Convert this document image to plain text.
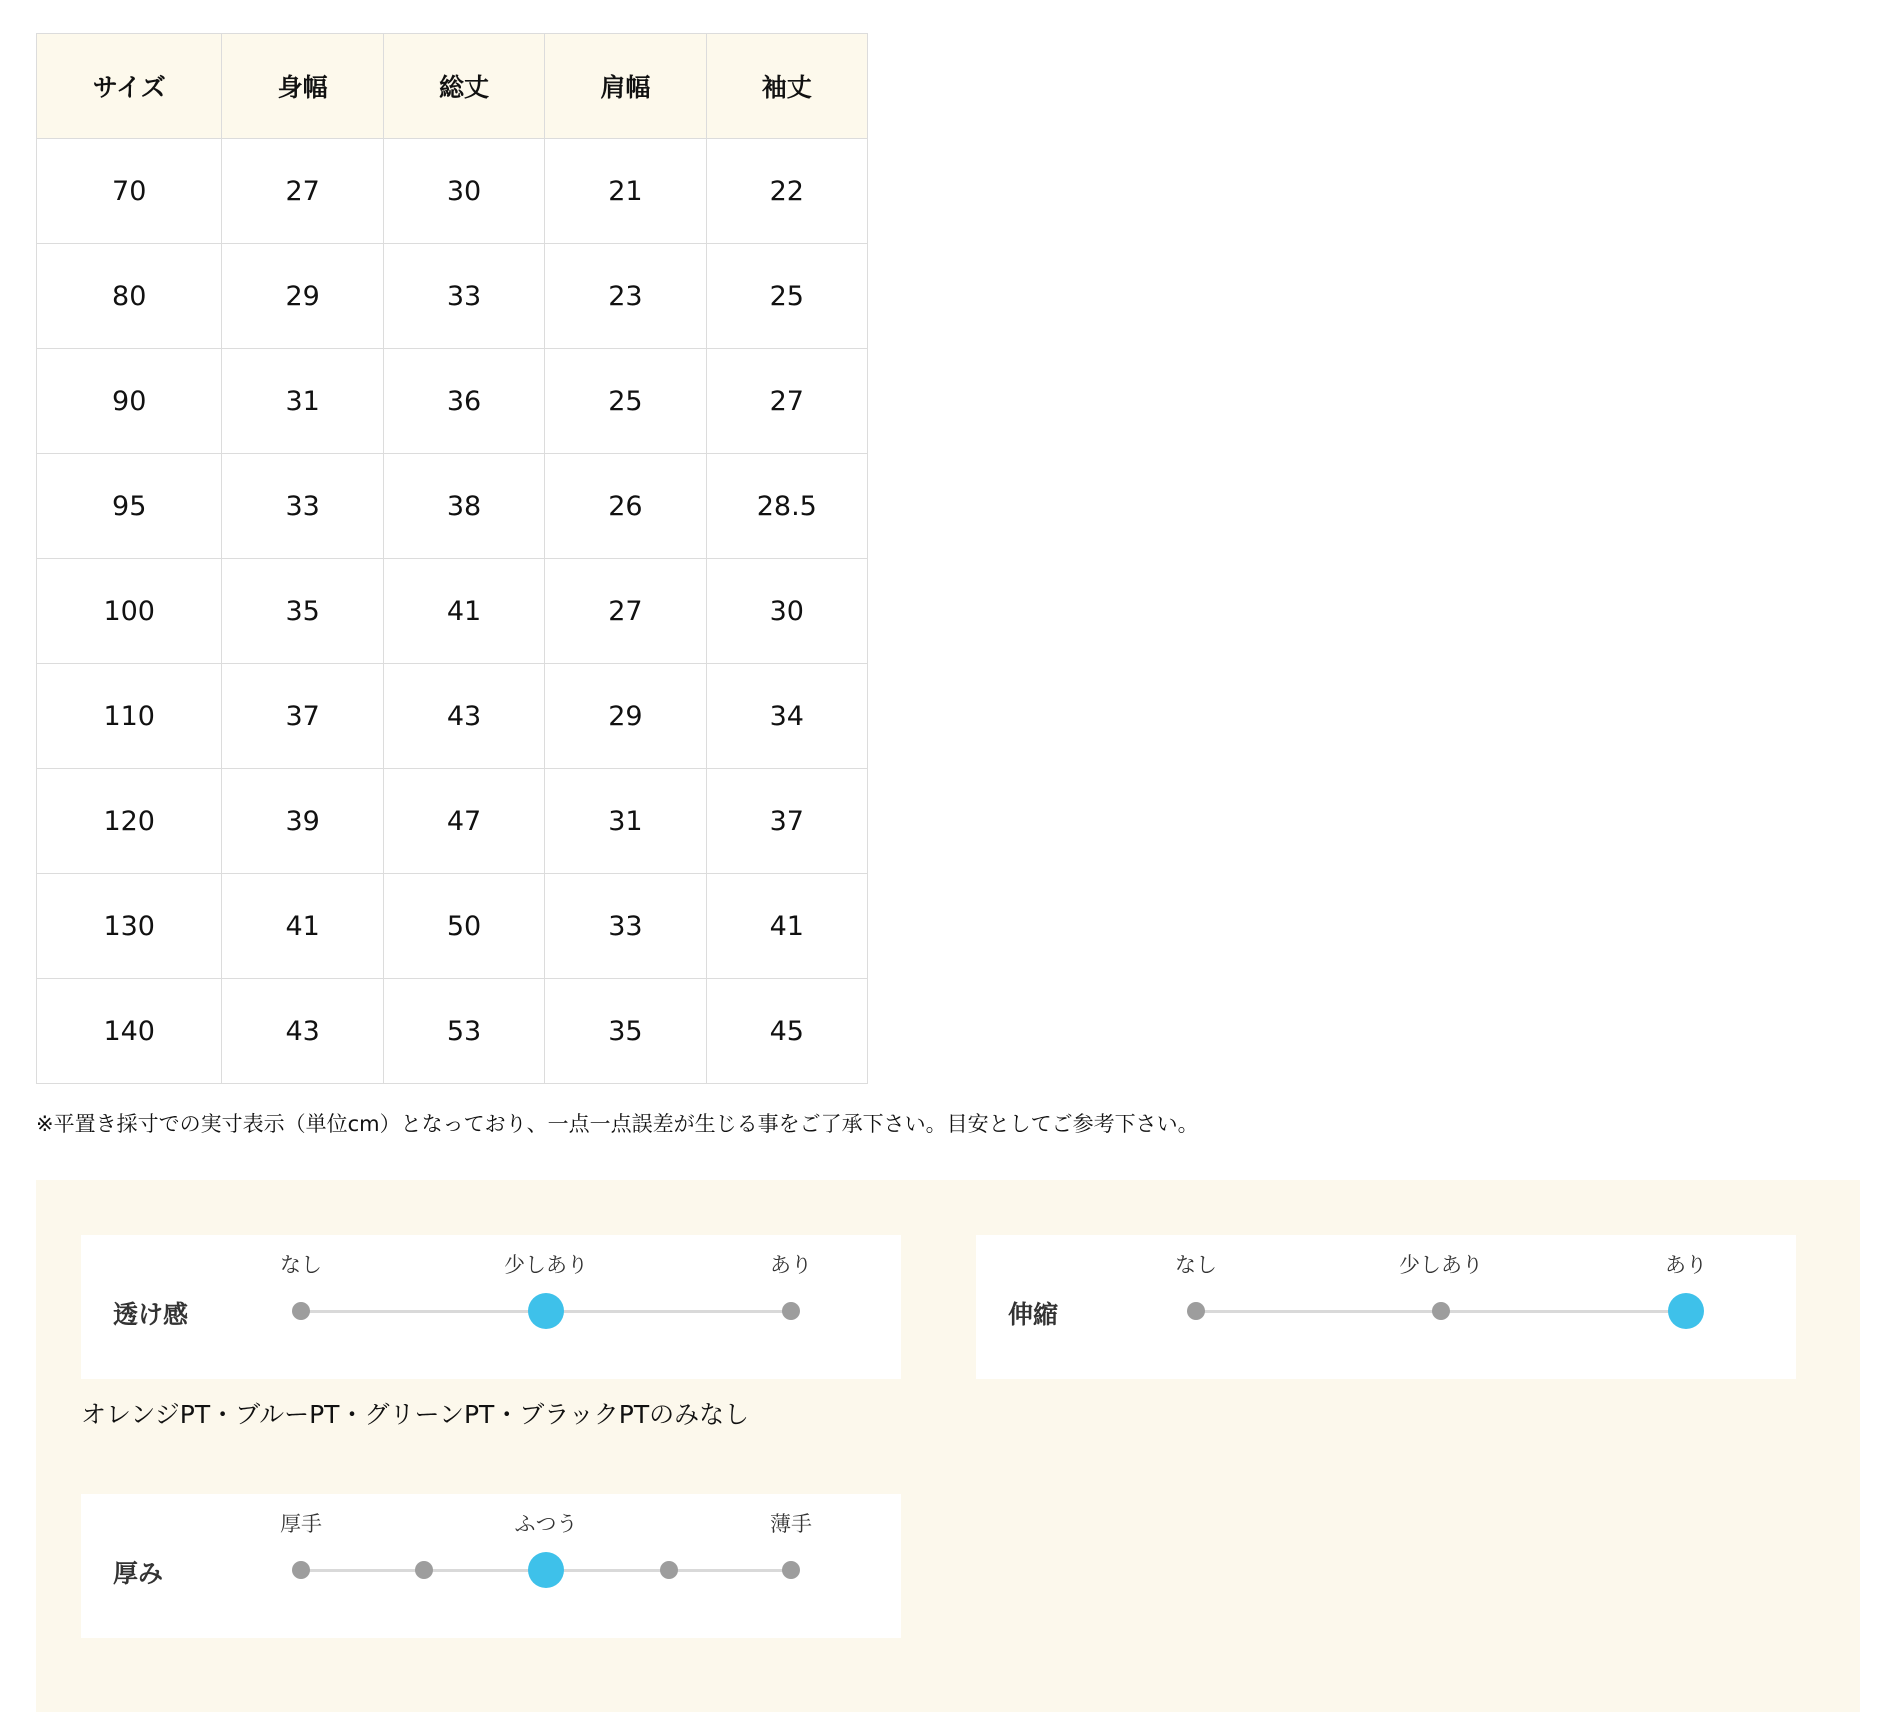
サイズ	身幅	総丈	肩幅	袖丈
70	27	30	21	22
80	29	33	23	25
90	31	36	25	27
95	33	38	26	28.5
100	35	41	27	30
110	37	43	29	34
120	39	47	31	37
130	41	50	33	41
140	43	53	35	45
※平置き採寸での実寸表示（単位cm）となっており、一点一点誤差が生じる事をご了承下さい。目安としてご参考下さい。
透け感
なし	少しあり	あり
伸縮
なし	少しあり	あり
オレンジPT・ブルーPT・グリーンPT・ブラックPTのみなし
厚み
厚手	ふつう	薄手
